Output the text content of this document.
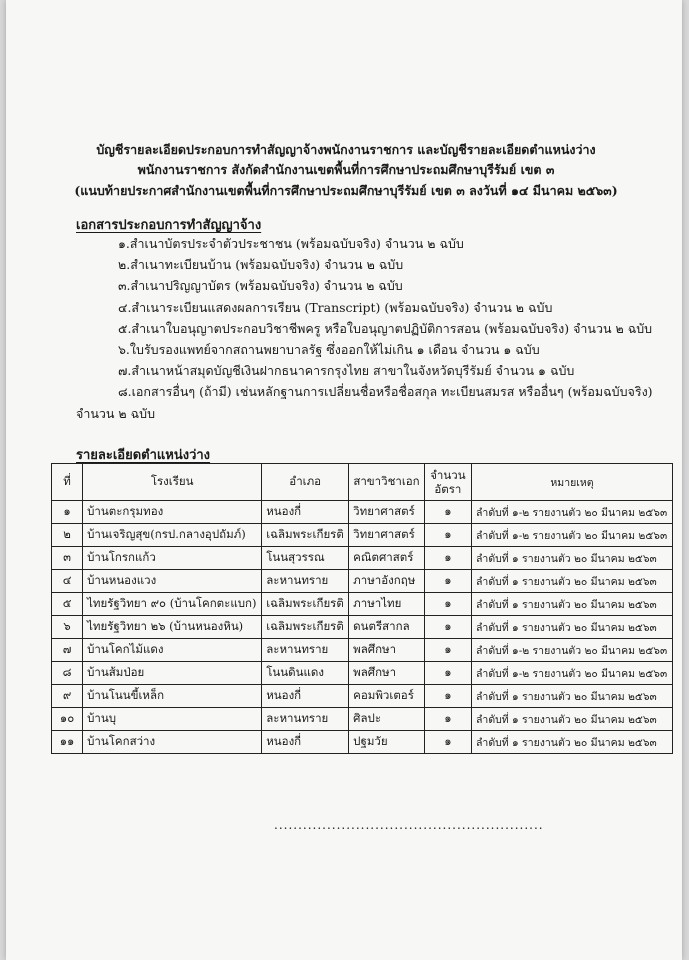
บัญชีรายละเอียดประกอบการทำสัญญาจ้างพนักงานราชการ และบัญชีรายละเอียดตำแหน่งว่าง
พนักงานราชการ สังกัดสำนักงานเขตพื้นที่การศึกษาประถมศึกษาบุรีรัมย์ เขต ๓
(แนบท้ายประกาศสำนักงานเขตพื้นที่การศึกษาประถมศึกษาบุรีรัมย์ เขต ๓ ลงวันที่ ๑๔ มีนาคม ๒๕๖๓)
เอกสารประกอบการทำสัญญาจ้าง
๑.สำเนาบัตรประจำตัวประชาชน (พร้อมฉบับจริง) จำนวน ๒ ฉบับ
๒.สำเนาทะเบียนบ้าน (พร้อมฉบับจริง) จำนวน ๒ ฉบับ
๓.สำเนาปริญญาบัตร (พร้อมฉบับจริง) จำนวน ๒ ฉบับ
๔.สำเนาระเบียนแสดงผลการเรียน (Transcript) (พร้อมฉบับจริง) จำนวน ๒ ฉบับ
๕.สำเนาใบอนุญาตประกอบวิชาชีพครู หรือใบอนุญาตปฏิบัติการสอน (พร้อมฉบับจริง) จำนวน ๒ ฉบับ
๖.ใบรับรองแพทย์จากสถานพยาบาลรัฐ ซึ่งออกให้ไม่เกิน ๑ เดือน จำนวน ๑ ฉบับ
๗.สำเนาหน้าสมุดบัญชีเงินฝากธนาคารกรุงไทย สาขาในจังหวัดบุรีรัมย์ จำนวน ๑ ฉบับ
๘.เอกสารอื่นๆ (ถ้ามี) เช่นหลักฐานการเปลี่ยนชื่อหรือชื่อสกุล ทะเบียนสมรส หรืออื่นๆ (พร้อมฉบับจริง)
จำนวน ๒ ฉบับ
รายละเอียดตำแหน่งว่าง
ที่	โรงเรียน	อำเภอ	สาขาวิชาเอก	จำนวน
อัตรา	หมายเหตุ
๑	บ้านตะกรุมทอง	หนองกี่	วิทยาศาสตร์	๑	ลำดับที่ ๑-๒ รายงานตัว ๒๐ มีนาคม ๒๕๖๓
๒	บ้านเจริญสุข(กรป.กลางอุปถัมภ์)	เฉลิมพระเกียรติ	วิทยาศาสตร์	๑	ลำดับที่ ๑-๒ รายงานตัว ๒๐ มีนาคม ๒๕๖๓
๓	บ้านโกรกแก้ว	โนนสุวรรณ	คณิตศาสตร์	๑	ลำดับที่ ๑ รายงานตัว ๒๐ มีนาคม ๒๕๖๓
๔	บ้านหนองแวง	ละหานทราย	ภาษาอังกฤษ	๑	ลำดับที่ ๑ รายงานตัว ๒๐ มีนาคม ๒๕๖๓
๕	ไทยรัฐวิทยา ๙๐ (บ้านโคกตะแบก)	เฉลิมพระเกียรติ	ภาษาไทย	๑	ลำดับที่ ๑ รายงานตัว ๒๐ มีนาคม ๒๕๖๓
๖	ไทยรัฐวิทยา ๒๖ (บ้านหนองหิน)	เฉลิมพระเกียรติ	ดนตรีสากล	๑	ลำดับที่ ๑ รายงานตัว ๒๐ มีนาคม ๒๕๖๓
๗	บ้านโคกไม้แดง	ละหานทราย	พลศึกษา	๑	ลำดับที่ ๑-๒ รายงานตัว ๒๐ มีนาคม ๒๕๖๓
๘	บ้านส้มป่อย	โนนดินแดง	พลศึกษา	๑	ลำดับที่ ๑-๒ รายงานตัว ๒๐ มีนาคม ๒๕๖๓
๙	บ้านโนนขี้เหล็ก	หนองกี่	คอมพิวเตอร์	๑	ลำดับที่ ๑ รายงานตัว ๒๐ มีนาคม ๒๕๖๓
๑๐	บ้านบุ	ละหานทราย	ศิลปะ	๑	ลำดับที่ ๑ รายงานตัว ๒๐ มีนาคม ๒๕๖๓
๑๑	บ้านโคกสว่าง	หนองกี่	ปฐมวัย	๑	ลำดับที่ ๑ รายงานตัว ๒๐ มีนาคม ๒๕๖๓
........................................................
